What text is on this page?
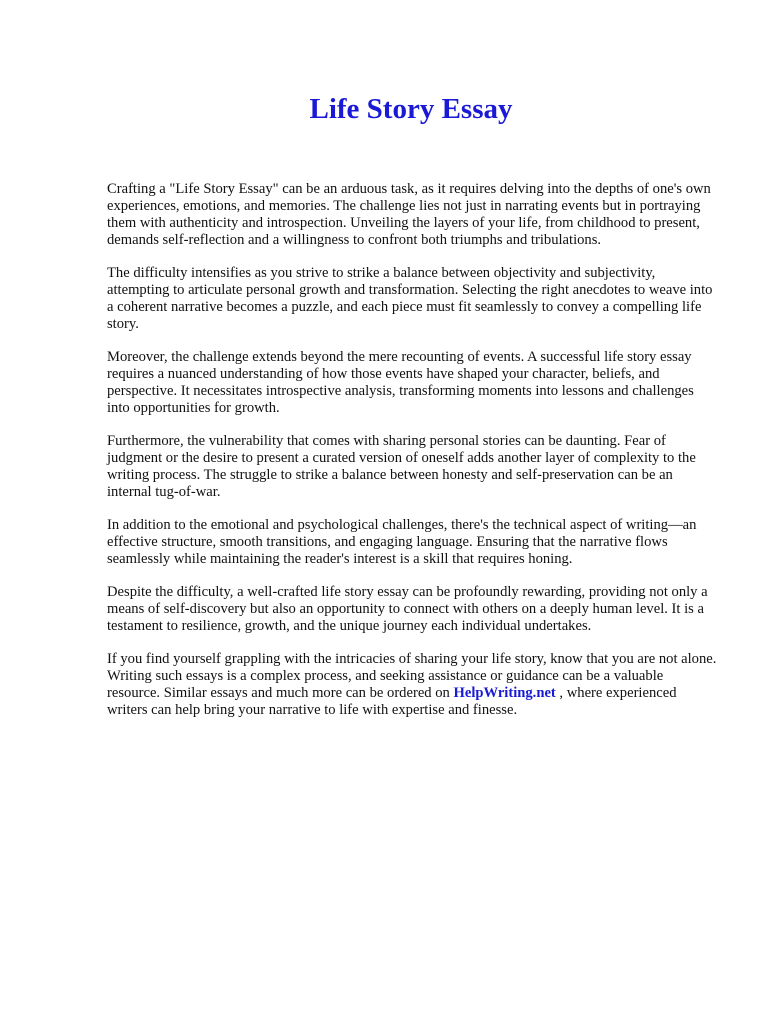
Life Story Essay

Crafting a "Life Story Essay" can be an arduous task, as it requires delving into the depths of one's own experiences, emotions, and memories. The challenge lies not just in narrating events but in portraying them with authenticity and introspection. Unveiling the layers of your life, from childhood to present, demands self-reflection and a willingness to confront both triumphs and tribulations.

The difficulty intensifies as you strive to strike a balance between objectivity and subjectivity, attempting to articulate personal growth and transformation. Selecting the right anecdotes to weave into a coherent narrative becomes a puzzle, and each piece must fit seamlessly to convey a compelling life story.

Moreover, the challenge extends beyond the mere recounting of events. A successful life story essay requires a nuanced understanding of how those events have shaped your character, beliefs, and perspective. It necessitates introspective analysis, transforming moments into lessons and challenges into opportunities for growth.

Furthermore, the vulnerability that comes with sharing personal stories can be daunting. Fear of judgment or the desire to present a curated version of oneself adds another layer of complexity to the writing process. The struggle to strike a balance between honesty and self-preservation can be an internal tug-of-war.

In addition to the emotional and psychological challenges, there's the technical aspect of writing—an effective structure, smooth transitions, and engaging language. Ensuring that the narrative flows seamlessly while maintaining the reader's interest is a skill that requires honing.

Despite the difficulty, a well-crafted life story essay can be profoundly rewarding, providing not only a means of self-discovery but also an opportunity to connect with others on a deeply human level. It is a testament to resilience, growth, and the unique journey each individual undertakes.

If you find yourself grappling with the intricacies of sharing your life story, know that you are not alone. Writing such essays is a complex process, and seeking assistance or guidance can be a valuable resource. Similar essays and much more can be ordered on HelpWriting.net , where experienced writers can help bring your narrative to life with expertise and finesse.
